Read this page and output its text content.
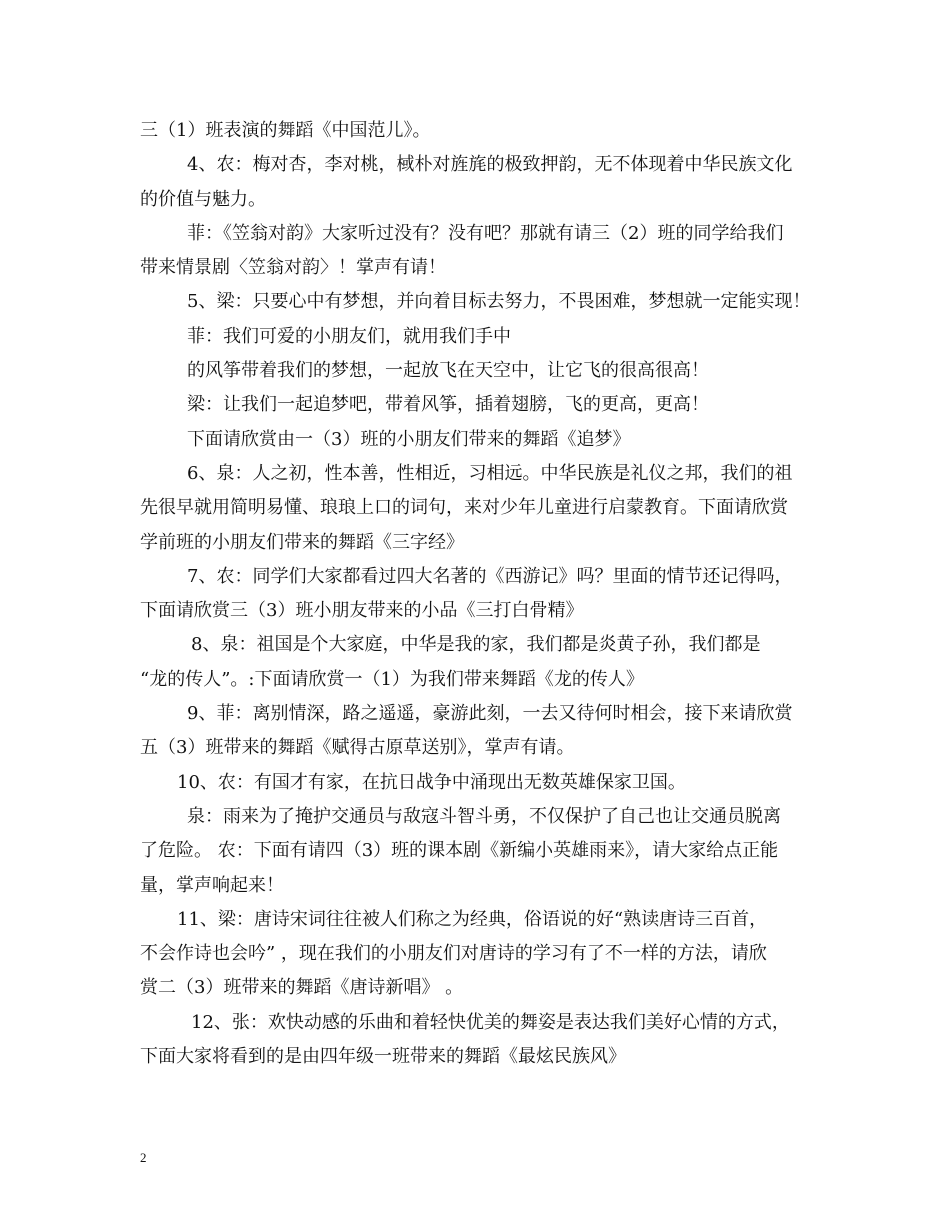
三（1）班表演的舞蹈《中国范儿》。
4、农：梅对杏，李对桃，棫朴对旌旄的极致押韵，无不体现着中华民族文化
的价值与魅力。
菲：《笠翁对韵》大家听过没有？没有吧？那就有请三（2）班的同学给我们
带来情景剧〈笠翁对韵〉！掌声有请！
5、梁：只要心中有梦想，并向着目标去努力，不畏困难，梦想就一定能实现！
菲：我们可爱的小朋友们，就用我们手中
的风筝带着我们的梦想，一起放飞在天空中，让它飞的很高很高！
梁：让我们一起追梦吧，带着风筝，插着翅膀，飞的更高，更高！
下面请欣赏由一（3）班的小朋友们带来的舞蹈《追梦》
6、泉：人之初，性本善，性相近，习相远。中华民族是礼仪之邦，我们的祖
先很早就用简明易懂、琅琅上口的词句，来对少年儿童进行启蒙教育。下面请欣赏
学前班的小朋友们带来的舞蹈《三字经》
7、农：同学们大家都看过四大名著的《西游记》吗？里面的情节还记得吗，
下面请欣赏三（3）班小朋友带来的小品《三打白骨精》
8、泉：祖国是个大家庭，中华是我的家，我们都是炎黄子孙，我们都是
“龙的传人”。:下面请欣赏一（1）为我们带来舞蹈《龙的传人》
9、菲：离别情深，路之遥遥，豪游此刻，一去又待何时相会，接下来请欣赏
五（3）班带来的舞蹈《赋得古原草送别》，掌声有请。
10、农：有国才有家，在抗日战争中涌现出无数英雄保家卫国。
泉：雨来为了掩护交通员与敌寇斗智斗勇，不仅保护了自己也让交通员脱离
了危险。 农：下面有请四（3）班的课本剧《新编小英雄雨来》，请大家给点正能
量，掌声响起来！
11、梁：唐诗宋词往往被人们称之为经典，俗语说的好“熟读唐诗三百首，
不会作诗也会吟” ，现在我们的小朋友们对唐诗的学习有了不一样的方法，请欣
赏二（3）班带来的舞蹈《唐诗新唱》 。
12、张：欢快动感的乐曲和着轻快优美的舞姿是表达我们美好心情的方式，
下面大家将看到的是由四年级一班带来的舞蹈《最炫民族风》
2
